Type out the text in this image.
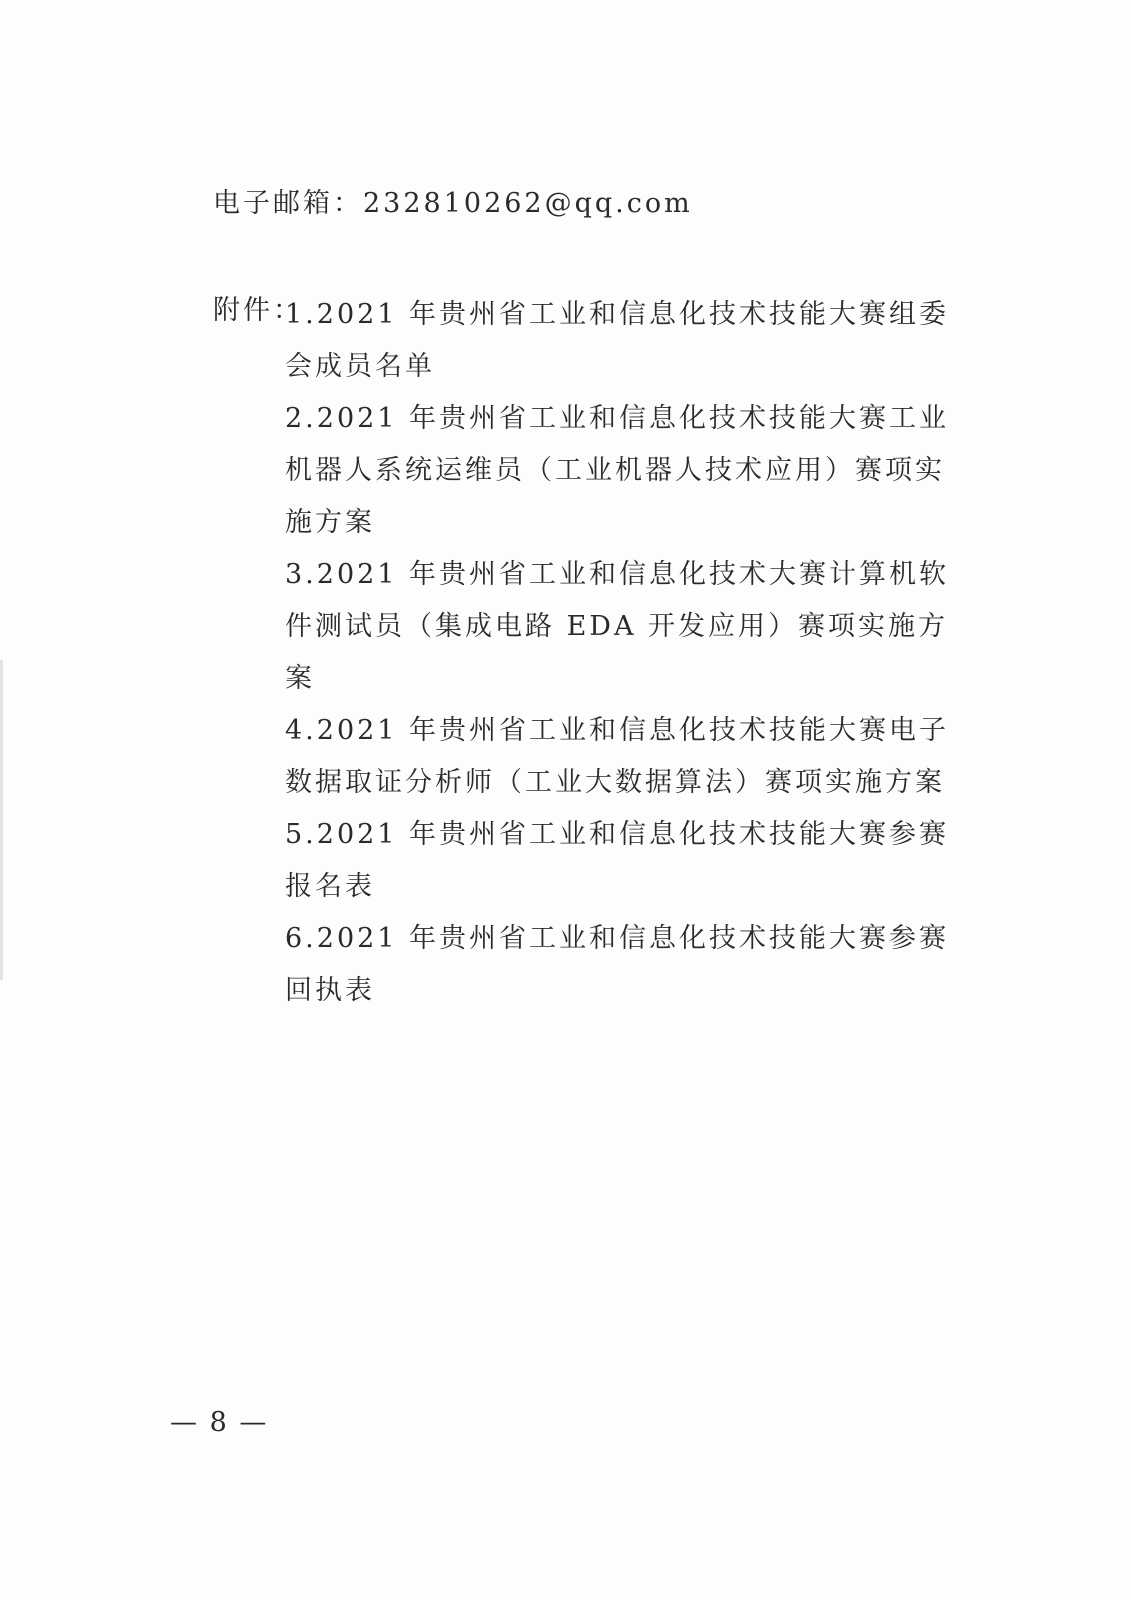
电子邮箱：232810262@qq.com
附件：
1.2021 年贵州省工业和信息化技术技能大赛组委会成员名单
2.2021 年贵州省工业和信息化技术技能大赛工业机器人系统运维员（工业机器人技术应用）赛项实施方案
3.2021 年贵州省工业和信息化技术大赛计算机软件测试员（集成电路 EDA 开发应用）赛项实施方案
4.2021 年贵州省工业和信息化技术技能大赛电子数据取证分析师（工业大数据算法）赛项实施方案
5.2021 年贵州省工业和信息化技术技能大赛参赛报名表
6.2021 年贵州省工业和信息化技术技能大赛参赛回执表
— 8 —
